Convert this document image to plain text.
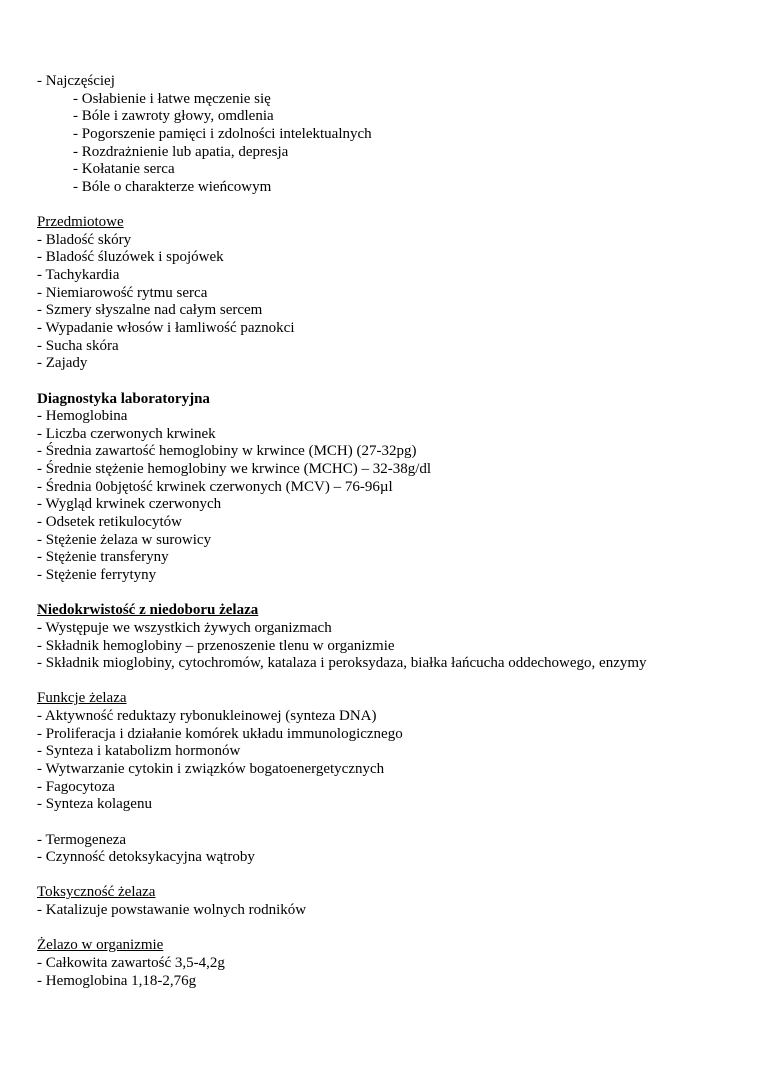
- Najczęściej
- Osłabienie i łatwe męczenie się
- Bóle i zawroty głowy, omdlenia
- Pogorszenie pamięci i zdolności intelektualnych
- Rozdrażnienie lub apatia, depresja
- Kołatanie serca
- Bóle o charakterze wieńcowym
Przedmiotowe
- Bladość skóry
- Bladość śluzówek i spojówek
- Tachykardia
- Niemiarowość rytmu serca
- Szmery słyszalne nad całym sercem
- Wypadanie włosów i łamliwość paznokci
- Sucha skóra
- Zajady
Diagnostyka laboratoryjna
- Hemoglobina
- Liczba czerwonych krwinek
- Średnia zawartość hemoglobiny w krwince (MCH) (27-32pg)
- Średnie stężenie hemoglobiny we krwince (MCHC) – 32-38g/dl
- Średnia 0objętość krwinek czerwonych (MCV) – 76-96µl
- Wygląd krwinek czerwonych
- Odsetek retikulocytów
- Stężenie żelaza w surowicy
- Stężenie transferyny
- Stężenie ferrytyny
Niedokrwistość z niedoboru żelaza
- Występuje we wszystkich żywych organizmach
- Składnik hemoglobiny – przenoszenie tlenu w organizmie
- Składnik mioglobiny, cytochromów, katalaza i peroksydaza, białka łańcucha oddechowego, enzymy
Funkcje żelaza
- Aktywność reduktazy rybonukleinowej (synteza DNA)
- Proliferacja i działanie komórek układu immunologicznego
- Synteza i katabolizm hormonów
- Wytwarzanie cytokin i związków bogatoenergetycznych
- Fagocytoza
- Synteza kolagenu
- Termogeneza
- Czynność detoksykacyjna wątroby
Toksyczność żelaza
- Katalizuje powstawanie wolnych rodników
Żelazo w organizmie
- Całkowita zawartość 3,5-4,2g
- Hemoglobina 1,18-2,76g
